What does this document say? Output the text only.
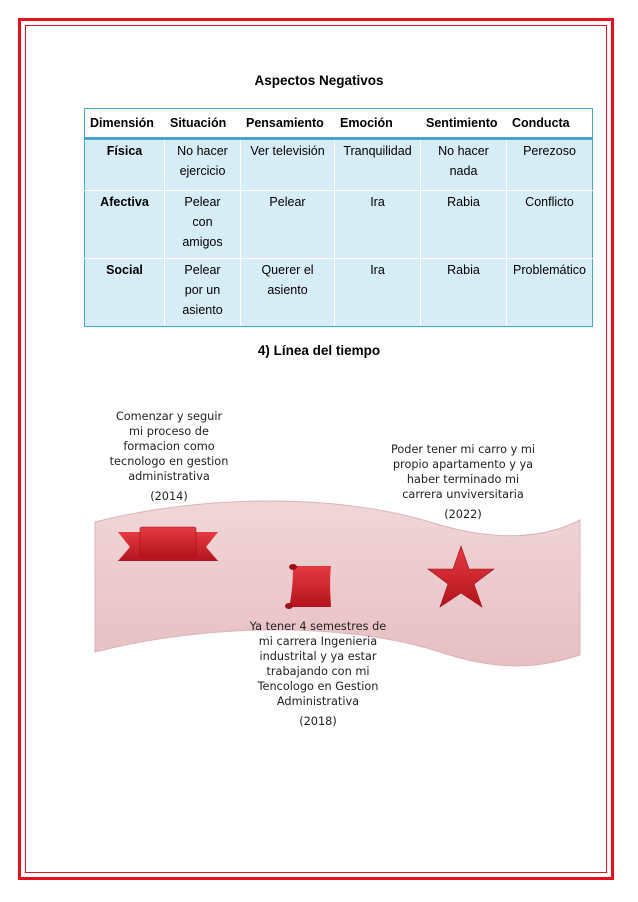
Aspectos Negativos
Dimensión	Situación	Pensamiento	Emoción	Sentimiento	Conducta
Física	No hacer ejercicio	Ver televisión	Tranquilidad	No hacer nada	Perezoso
Afectiva	Pelear con amigos	Pelear	Ira	Rabia	Conflicto
Social	Pelear por un asiento	Querer el asiento	Ira	Rabia	Problemático
4) Línea del tiempo
Comenzar y seguir mi proceso de formacion como tecnologo en gestion administrativa
(2014)
Poder tener mi carro y mi propio apartamento y ya haber terminado mi carrera unviversitaria
(2022)
Ya tener 4 semestres de mi carrera Ingenieria industrital y ya estar trabajando con mi Tencologo en Gestion Administrativa
(2018)
